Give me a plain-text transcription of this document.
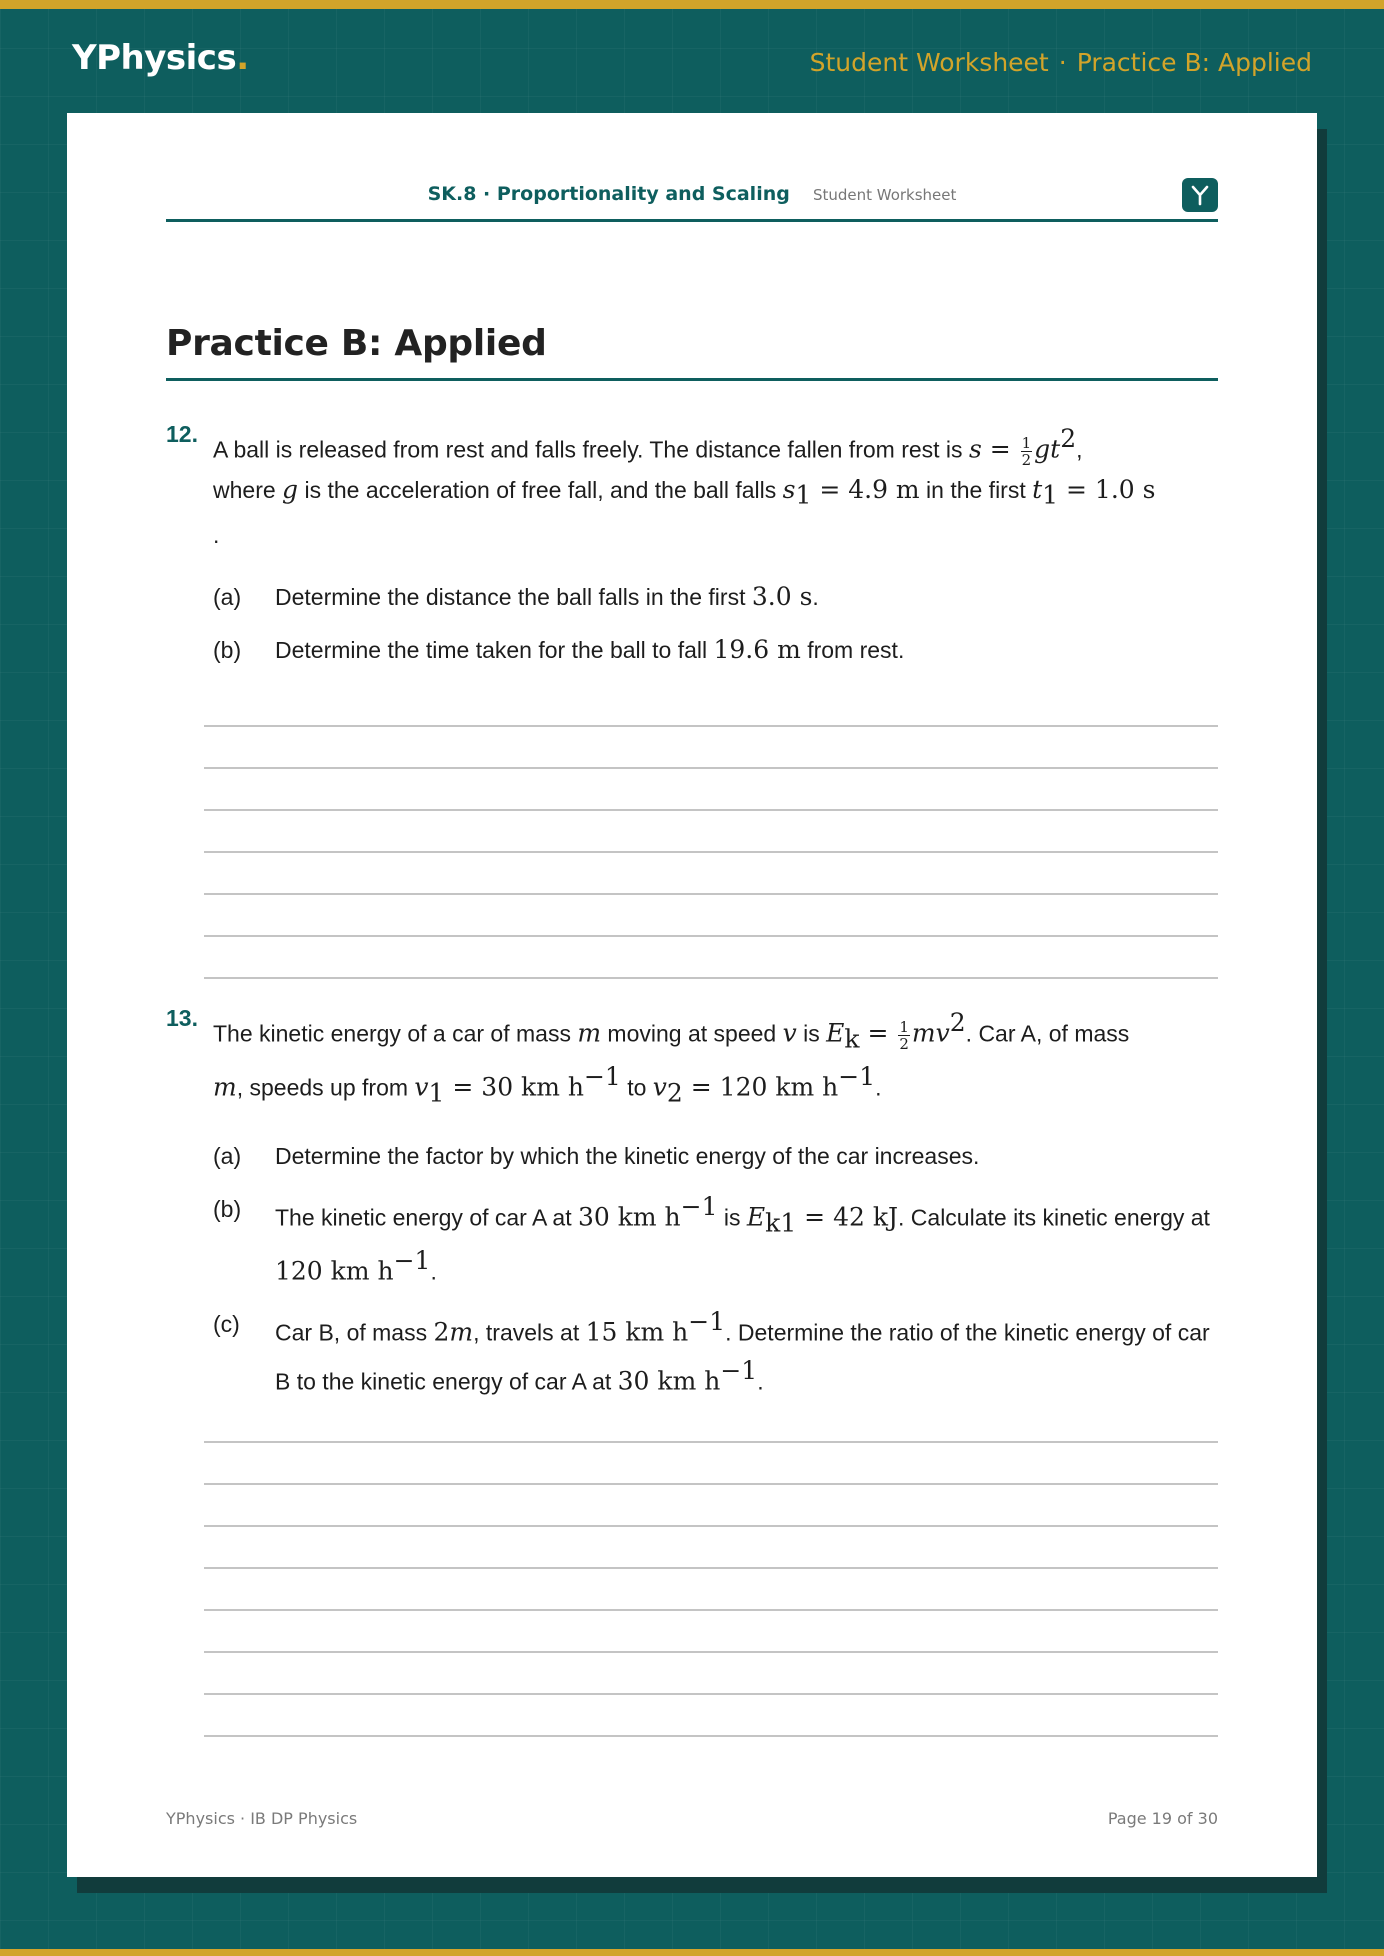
YPhysics.	Student Worksheet · Practice B: Applied
SK.8 · Proportionality and Scaling Student Worksheet
Practice B: Applied
12.
A ball is released from rest and falls freely. The distance fallen from rest is $s = \frac{1}{2} gt^2$,
where g is the acceleration of free fall, and the ball falls $s_1 = 4.9$ m in the first $t_1 = 1.0$ s
.
(a)	Determine the distance the ball falls in the first 3.0 s.
(b)	Determine the time taken for the ball to fall 19.6 m from rest.
13.
The kinetic energy of a car of mass m moving at speed v is $E_k = \frac{1}{2} mv^2$. Car A, of mass
m, speeds up from $v_1 = 30$ km $h^{-1}$ to $v_2 = 120$ km $h^{-1}$.
(a)	Determine the factor by which the kinetic energy of the car increases.
(b)	The kinetic energy of car A at 30 km $h^{-1}$ is $E_{k1} = 42$ kJ. Calculate its kinetic energy at 120 km $h^{-1}$.
(c)	Car B, of mass 2m, travels at 15 km $h^{-1}$. Determine the ratio of the kinetic energy of car B to the kinetic energy of car A at 30 km $h^{-1}$.
YPhysics · IB DP Physics	Page 19 of 30
